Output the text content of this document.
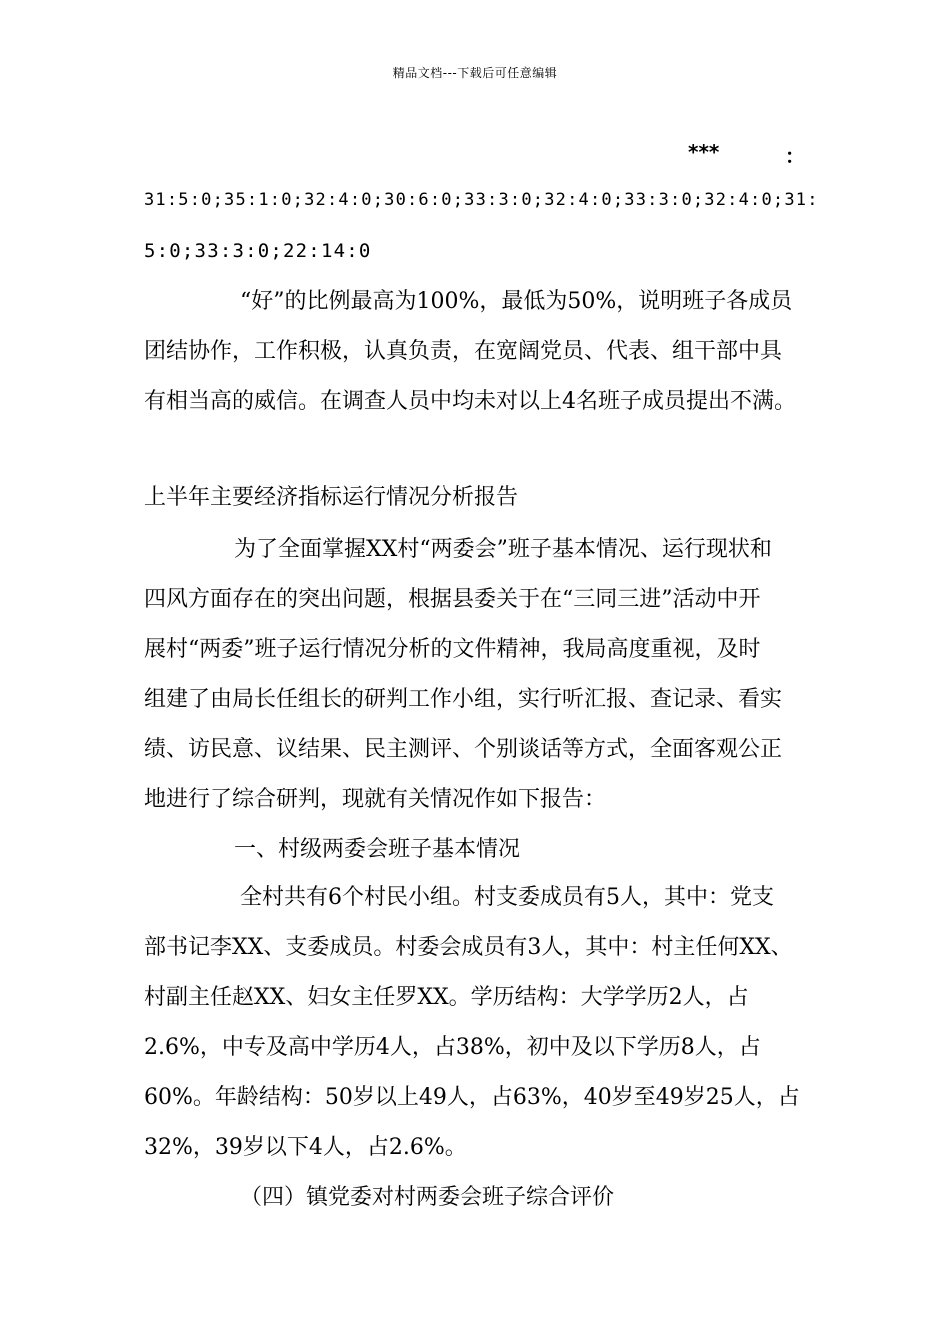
精品文档---下载后可任意编辑
***	：
31:5:0;35:1:0;32:4:0;30:6:0;33:3:0;32:4:0;33:3:0;32:4:0;31:
5:0;33:3:0;22:14:0
“好”的比例最高为100%，最低为50%，说明班子各成员
团结协作，工作积极，认真负责，在宽阔党员、代表、组干部中具
有相当高的威信。在调查人员中均未对以上4名班子成员提出不满。
上半年主要经济指标运行情况分析报告
为了全面掌握XX村“两委会”班子基本情况、运行现状和
四风方面存在的突出问题，根据县委关于在“三同三进”活动中开
展村“两委”班子运行情况分析的文件精神，我局高度重视，及时
组建了由局长任组长的研判工作小组，实行听汇报、查记录、看实
绩、访民意、议结果、民主测评、个别谈话等方式，全面客观公正
地进行了综合研判，现就有关情况作如下报告：
一、村级两委会班子基本情况
全村共有6个村民小组。村支委成员有5人，其中：党支
部书记李XX、支委成员。村委会成员有3人，其中：村主任何XX、
村副主任赵XX、妇女主任罗XX。学历结构：大学学历2人，占
2.6%，中专及高中学历4人，占38%，初中及以下学历8人，占
60%。年龄结构：50岁以上49人，占63%，40岁至49岁25人，占
32%，39岁以下4人，占2.6%。
（四）镇党委对村两委会班子综合评价
